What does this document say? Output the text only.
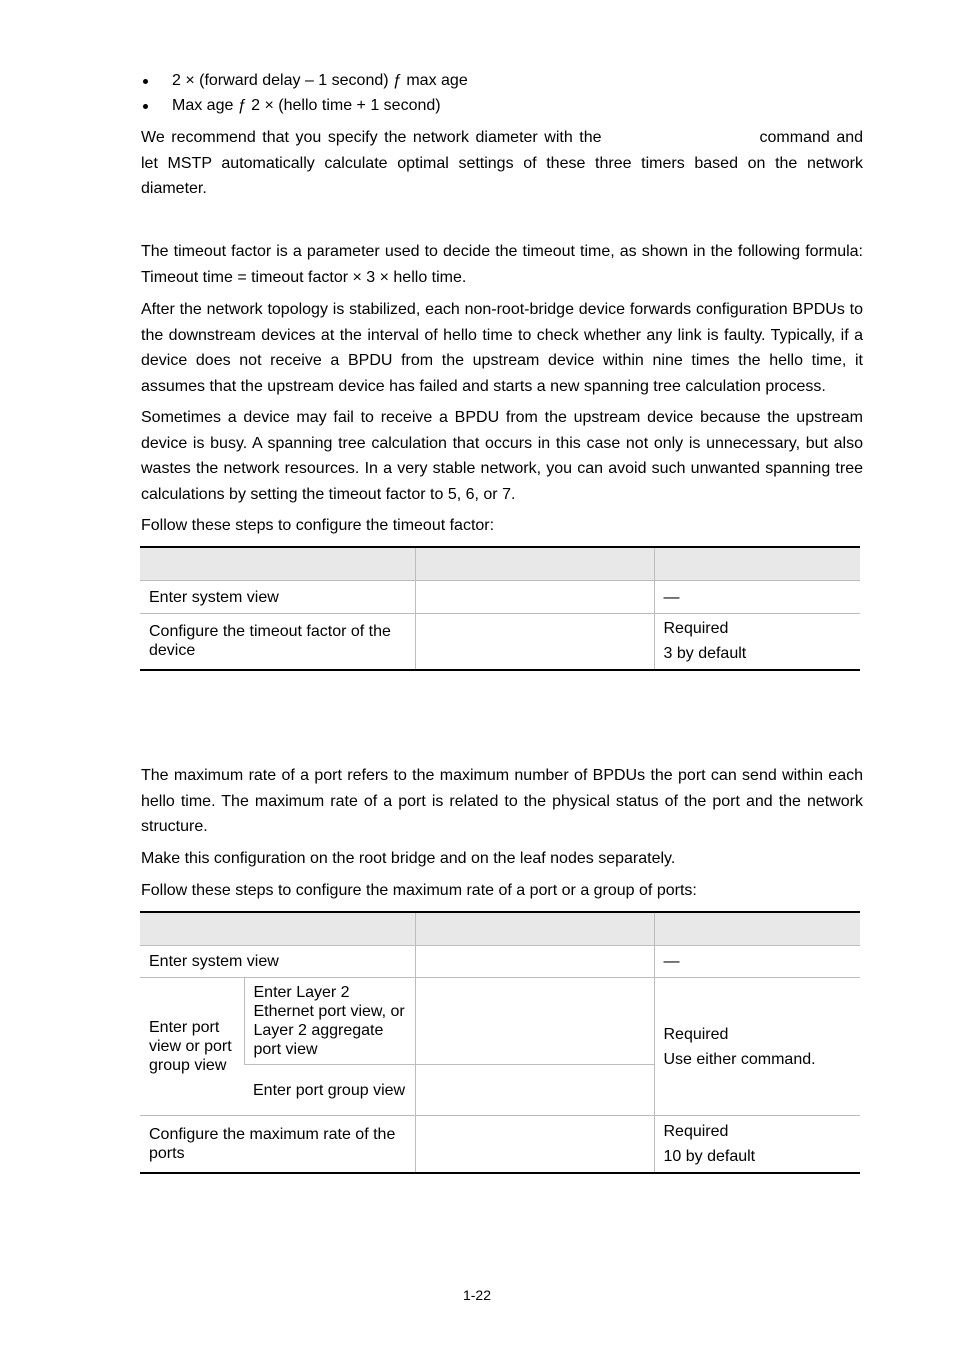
2 × (forward delay – 1 second) ƒ max age
Max age ƒ 2 × (hello time + 1 second)

We recommend that you specify the network diameter with the	command and let MSTP automatically calculate optimal settings of these three timers based on the network diameter.

The timeout factor is a parameter used to decide the timeout time, as shown in the following formula: Timeout time = timeout factor × 3 × hello time.

After the network topology is stabilized, each non-root-bridge device forwards configuration BPDUs to the downstream devices at the interval of hello time to check whether any link is faulty. Typically, if a device does not receive a BPDU from the upstream device within nine times the hello time, it assumes that the upstream device has failed and starts a new spanning tree calculation process.

Sometimes a device may fail to receive a BPDU from the upstream device because the upstream device is busy. A spanning tree calculation that occurs in this case not only is unnecessary, but also wastes the network resources. In a very stable network, you can avoid such unwanted spanning tree calculations by setting the timeout factor to 5, 6, or 7.

Follow these steps to configure the timeout factor:

Enter system view		—
Configure the timeout factor of the device		Required
3 by default

The maximum rate of a port refers to the maximum number of BPDUs the port can send within each hello time. The maximum rate of a port is related to the physical status of the port and the network structure.

Make this configuration on the root bridge and on the leaf nodes separately.

Follow these steps to configure the maximum rate of a port or a group of ports:

Enter system view			—
Enter port view or port group view	Enter Layer 2 Ethernet port view, or Layer 2 aggregate port view		Required
Use either command.

	Enter port group view		
Configure the maximum rate of the ports			Required
10 by default
1-22
